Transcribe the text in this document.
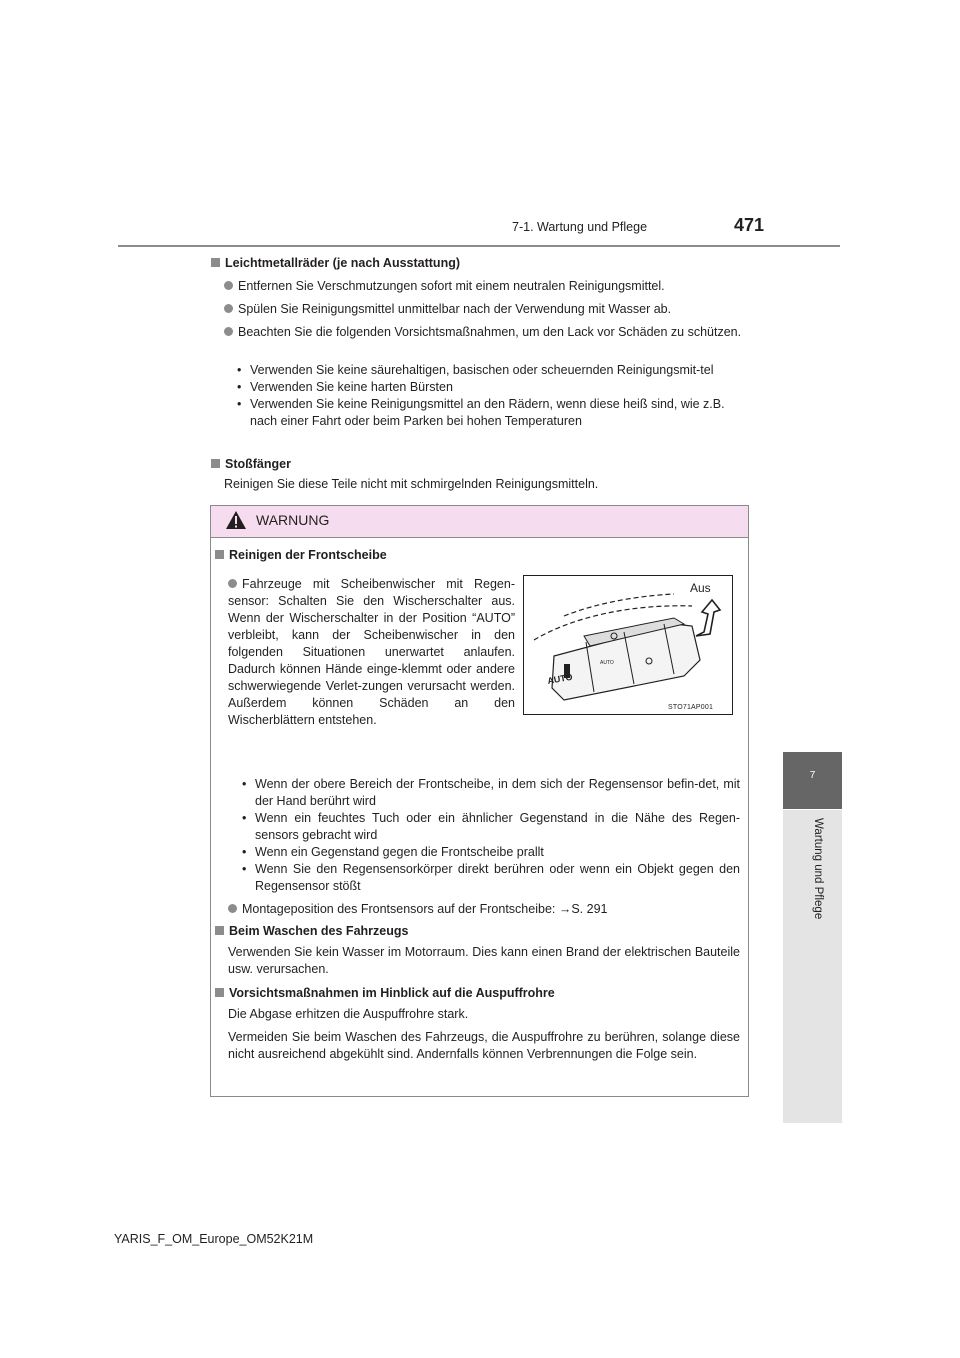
7-1. Wartung und Pflege	471
7
Wartung und Pflege
Leichtmetallräder (je nach Ausstattung)
Entfernen Sie Verschmutzungen sofort mit einem neutralen Reinigungsmittel.
Spülen Sie Reinigungsmittel unmittelbar nach der Verwendung mit Wasser ab.
Beachten Sie die folgenden Vorsichtsmaßnahmen, um den Lack vor Schäden zu schützen.
• Verwenden Sie keine säurehaltigen, basischen oder scheuernden Reinigungsmit-tel
• Verwenden Sie keine harten Bürsten
• Verwenden Sie keine Reinigungsmittel an den Rädern, wenn diese heiß sind, wie z.B. nach einer Fahrt oder beim Parken bei hohen Temperaturen
Stoßfänger
Reinigen Sie diese Teile nicht mit schmirgelnden Reinigungsmitteln.
WARNUNG
Reinigen der Frontscheibe
Fahrzeuge mit Scheibenwischer mit Regen-sensor: Schalten Sie den Wischerschalter aus. Wenn der Wischerschalter in der Position “AUTO” verbleibt, kann der Scheibenwischer in den folgenden Situationen unerwartet anlaufen. Dadurch können Hände einge-klemmt oder andere schwerwiegende Verlet-zungen verursacht werden. Außerdem können Schäden an den Wischerblättern entstehen.
AUTO
AUTO
Aus
STO71AP001
• Wenn der obere Bereich der Frontscheibe, in dem sich der Regensensor befin-det, mit der Hand berührt wird
• Wenn ein feuchtes Tuch oder ein ähnlicher Gegenstand in die Nähe des Regen-sensors gebracht wird
• Wenn ein Gegenstand gegen die Frontscheibe prallt
• Wenn Sie den Regensensorkörper direkt berühren oder wenn ein Objekt gegen den Regensensor stößt
Montageposition des Frontsensors auf der Frontscheibe: →S. 291
Beim Waschen des Fahrzeugs
Verwenden Sie kein Wasser im Motorraum. Dies kann einen Brand der elektrischen Bauteile usw. verursachen.
Vorsichtsmaßnahmen im Hinblick auf die Auspuffrohre
Die Abgase erhitzen die Auspuffrohre stark.
Vermeiden Sie beim Waschen des Fahrzeugs, die Auspuffrohre zu berühren, solange diese nicht ausreichend abgekühlt sind. Andernfalls können Verbrennungen die Folge sein.
YARIS_F_OM_Europe_OM52K21M
